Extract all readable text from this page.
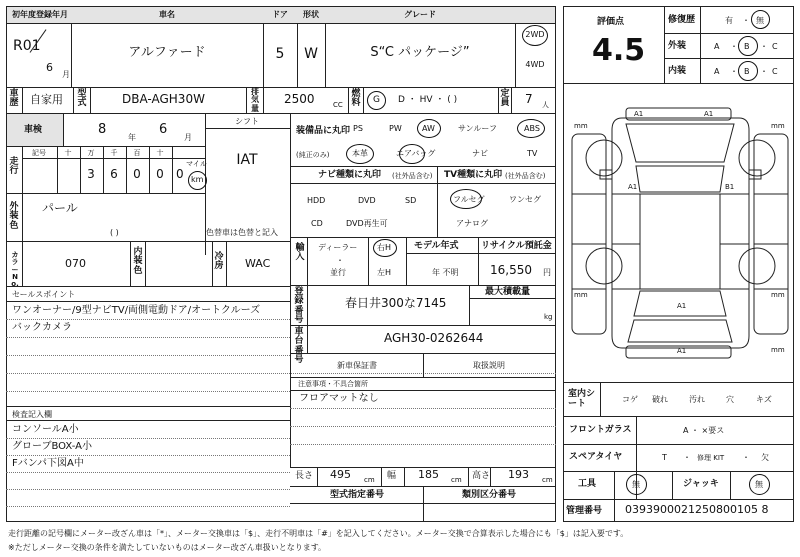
初年度登録年月	車名	ドア 形状	グレード
R01
6
月
アルファード	5 W	S“C パッケージ”
2WD
4WD
車歴 自家用 型式	DBA-AGH30W
排気量
2500	CC
燃料 G D ・ HV ・ ( )
定員 7 人
車検	8
年
6
月
シフト
IAT
走行
記号	十 万 千 百 十
マイル
3 6 0 0 0 km
外装色
パール
( )	色替車は色替と記入
カラーNo.
070
内装色
冷房 WAC
装備品に丸印
(純正のみ)
PS	PW	AW	サンルーフ	ABS
本革	エアバッグ	ナビ	TV
ナビ種類に丸印 (社外品含む) TV種類に丸印 (社外品含む)
HDD	DVD	SD
CD	DVD再生可
フルセグ	ワンセグ
アナログ
輸入
ディーラー
・
並行
右H
左H
モデル年式
年 不明
リサイクル預託金
16,550 円
登録番号
春日井300な7145
最大積載量
kg
車台番号
AGH30-0262644
セールスポイント
ワンオーナー/9型ナビTV/両側電動ドア/オートクルーズ
バックカメラ
新車保証書	取扱説明
注意事項・不具合箇所
フロアマットなし
検査記入欄
コンソールA小
グローブBOX-A小
Fバンパ下図A中
長さ 495 cm 幅 185 cm 高さ 193 cm
型式指定番号	類別区分番号
評価点
4.5
修復歴	有 ・ 無
外装	A ・ B ・ C
内装	A ・ B ・ C
A1	A1
A1
A1	B1
A1
mm	mm
mm	mm
mm
室内シート	コゲ 破れ	汚れ	穴	キズ
フロントガラス	A ・ ×要ス
スペアタイヤ	T ・ 修理 KIT ・ 欠
工具	無	ジャッキ	無
管理番号 0393900021250800105 8
走行距離の記号欄にメーター改ざん車は「*」、メーター交換車は「$」、走行不明車は「#」を記入してください。メーター交換で合算表示した場合にも「$」は記入要です。
※ただしメーター交換の条件を満たしていないものはメーター改ざん車扱いとなります。
